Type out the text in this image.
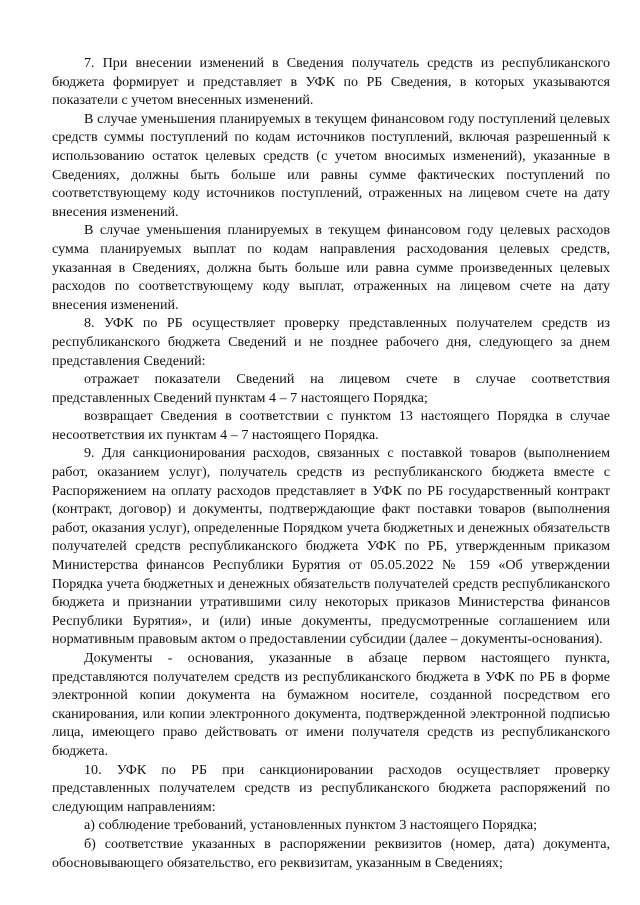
7. При внесении изменений в Сведения получатель средств из республиканского бюджета формирует и представляет в УФК по РБ Сведения, в которых указываются показатели с учетом внесенных изменений.

В случае уменьшения планируемых в текущем финансовом году поступлений целевых средств суммы поступлений по кодам источников поступлений, включая разрешенный к использованию остаток целевых средств (с учетом вносимых изменений), указанные в Сведениях, должны быть больше или равны сумме фактических поступлений по соответствующему коду источников поступлений, отраженных на лицевом счете на дату внесения изменений.

В случае уменьшения планируемых в текущем финансовом году целевых расходов сумма планируемых выплат по кодам направления расходования целевых средств, указанная в Сведениях, должна быть больше или равна сумме произведенных целевых расходов по соответствующему коду выплат, отраженных на лицевом счете на дату внесения изменений.

8. УФК по РБ осуществляет проверку представленных получателем средств из республиканского бюджета Сведений и не позднее рабочего дня, следующего за днем представления Сведений:

отражает показатели Сведений на лицевом счете в случае соответствия представленных Сведений пунктам 4 – 7 настоящего Порядка;

возвращает Сведения в соответствии с пунктом 13 настоящего Порядка в случае несоответствия их пунктам 4 – 7 настоящего Порядка.

9. Для санкционирования расходов, связанных с поставкой товаров (выполнением работ, оказанием услуг), получатель средств из республиканского бюджета вместе с Распоряжением на оплату расходов представляет в УФК по РБ государственный контракт (контракт, договор) и документы, подтверждающие факт поставки товаров (выполнения работ, оказания услуг), определенные Порядком учета бюджетных и денежных обязательств получателей средств республиканского бюджета УФК по РБ, утвержденным приказом Министерства финансов Республики Бурятия от 05.05.2022 № 159 «Об утверждении Порядка учета бюджетных и денежных обязательств получателей средств республиканского бюджета и признании утратившими силу некоторых приказов Министерства финансов Республики Бурятия», и (или) иные документы, предусмотренные соглашением или нормативным правовым актом о предоставлении субсидии (далее – документы-основания).

Документы - основания, указанные в абзаце первом настоящего пункта, представляются получателем средств из республиканского бюджета в УФК по РБ в форме электронной копии документа на бумажном носителе, созданной посредством его сканирования, или копии электронного документа, подтвержденной электронной подписью лица, имеющего право действовать от имени получателя средств из республиканского бюджета.

10. УФК по РБ при санкционировании расходов осуществляет проверку представленных получателем средств из республиканского бюджета распоряжений по следующим направлениям:

а) соблюдение требований, установленных пунктом 3 настоящего Порядка;

б) соответствие указанных в распоряжении реквизитов (номер, дата) документа, обосновывающего обязательство, его реквизитам, указанным в Сведениях;
